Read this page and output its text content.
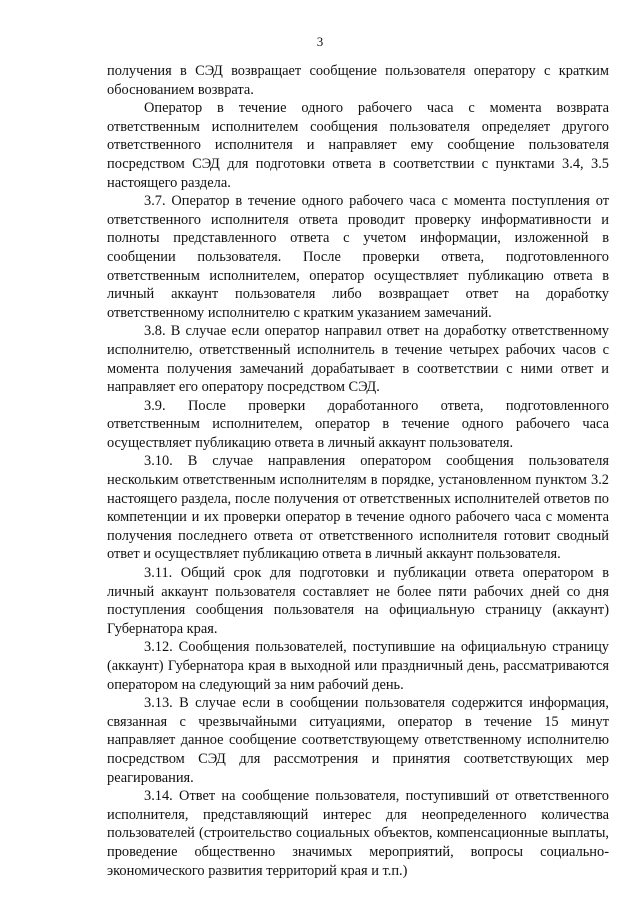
3

получения в СЭД возвращает сообщение пользователя оператору с кратким обоснованием возврата.

Оператор в течение одного рабочего часа с момента возврата ответственным исполнителем сообщения пользователя определяет другого ответственного исполнителя и направляет ему сообщение пользователя посредством СЭД для подготовки ответа в соответствии с пунктами 3.4, 3.5 настоящего раздела.

3.7. Оператор в течение одного рабочего часа с момента поступления от ответственного исполнителя ответа проводит проверку информативности и полноты представленного ответа с учетом информации, изложенной в сообщении пользователя. После проверки ответа, подготовленного ответственным исполнителем, оператор осуществляет публикацию ответа в личный аккаунт пользователя либо возвращает ответ на доработку ответственному исполнителю с кратким указанием замечаний.

3.8. В случае если оператор направил ответ на доработку ответственному исполнителю, ответственный исполнитель в течение четырех рабочих часов с момента получения замечаний дорабатывает в соответствии с ними ответ и направляет его оператору посредством СЭД.

3.9. После проверки доработанного ответа, подготовленного ответственным исполнителем, оператор в течение одного рабочего часа осуществляет публикацию ответа в личный аккаунт пользователя.

3.10. В случае направления оператором сообщения пользователя нескольким ответственным исполнителям в порядке, установленном пунктом 3.2 настоящего раздела, после получения от ответственных исполнителей ответов по компетенции и их проверки оператор в течение одного рабочего часа с момента получения последнего ответа от ответственного исполнителя готовит сводный ответ и осуществляет публикацию ответа в личный аккаунт пользователя.

3.11. Общий срок для подготовки и публикации ответа оператором в личный аккаунт пользователя составляет не более пяти рабочих дней со дня поступления сообщения пользователя на официальную страницу (аккаунт) Губернатора края.

3.12. Сообщения пользователей, поступившие на официальную страницу (аккаунт) Губернатора края в выходной или праздничный день, рассматриваются оператором на следующий за ним рабочий день.

3.13. В случае если в сообщении пользователя содержится информация, связанная с чрезвычайными ситуациями, оператор в течение 15 минут направляет данное сообщение соответствующему ответственному исполнителю посредством СЭД для рассмотрения и принятия соответствующих мер реагирования.

3.14. Ответ на сообщение пользователя, поступивший от ответственного исполнителя, представляющий интерес для неопределенного количества пользователей (строительство социальных объектов, компенсационные выплаты, проведение общественно значимых мероприятий, вопросы социально-экономического развития территорий края и т.п.)
